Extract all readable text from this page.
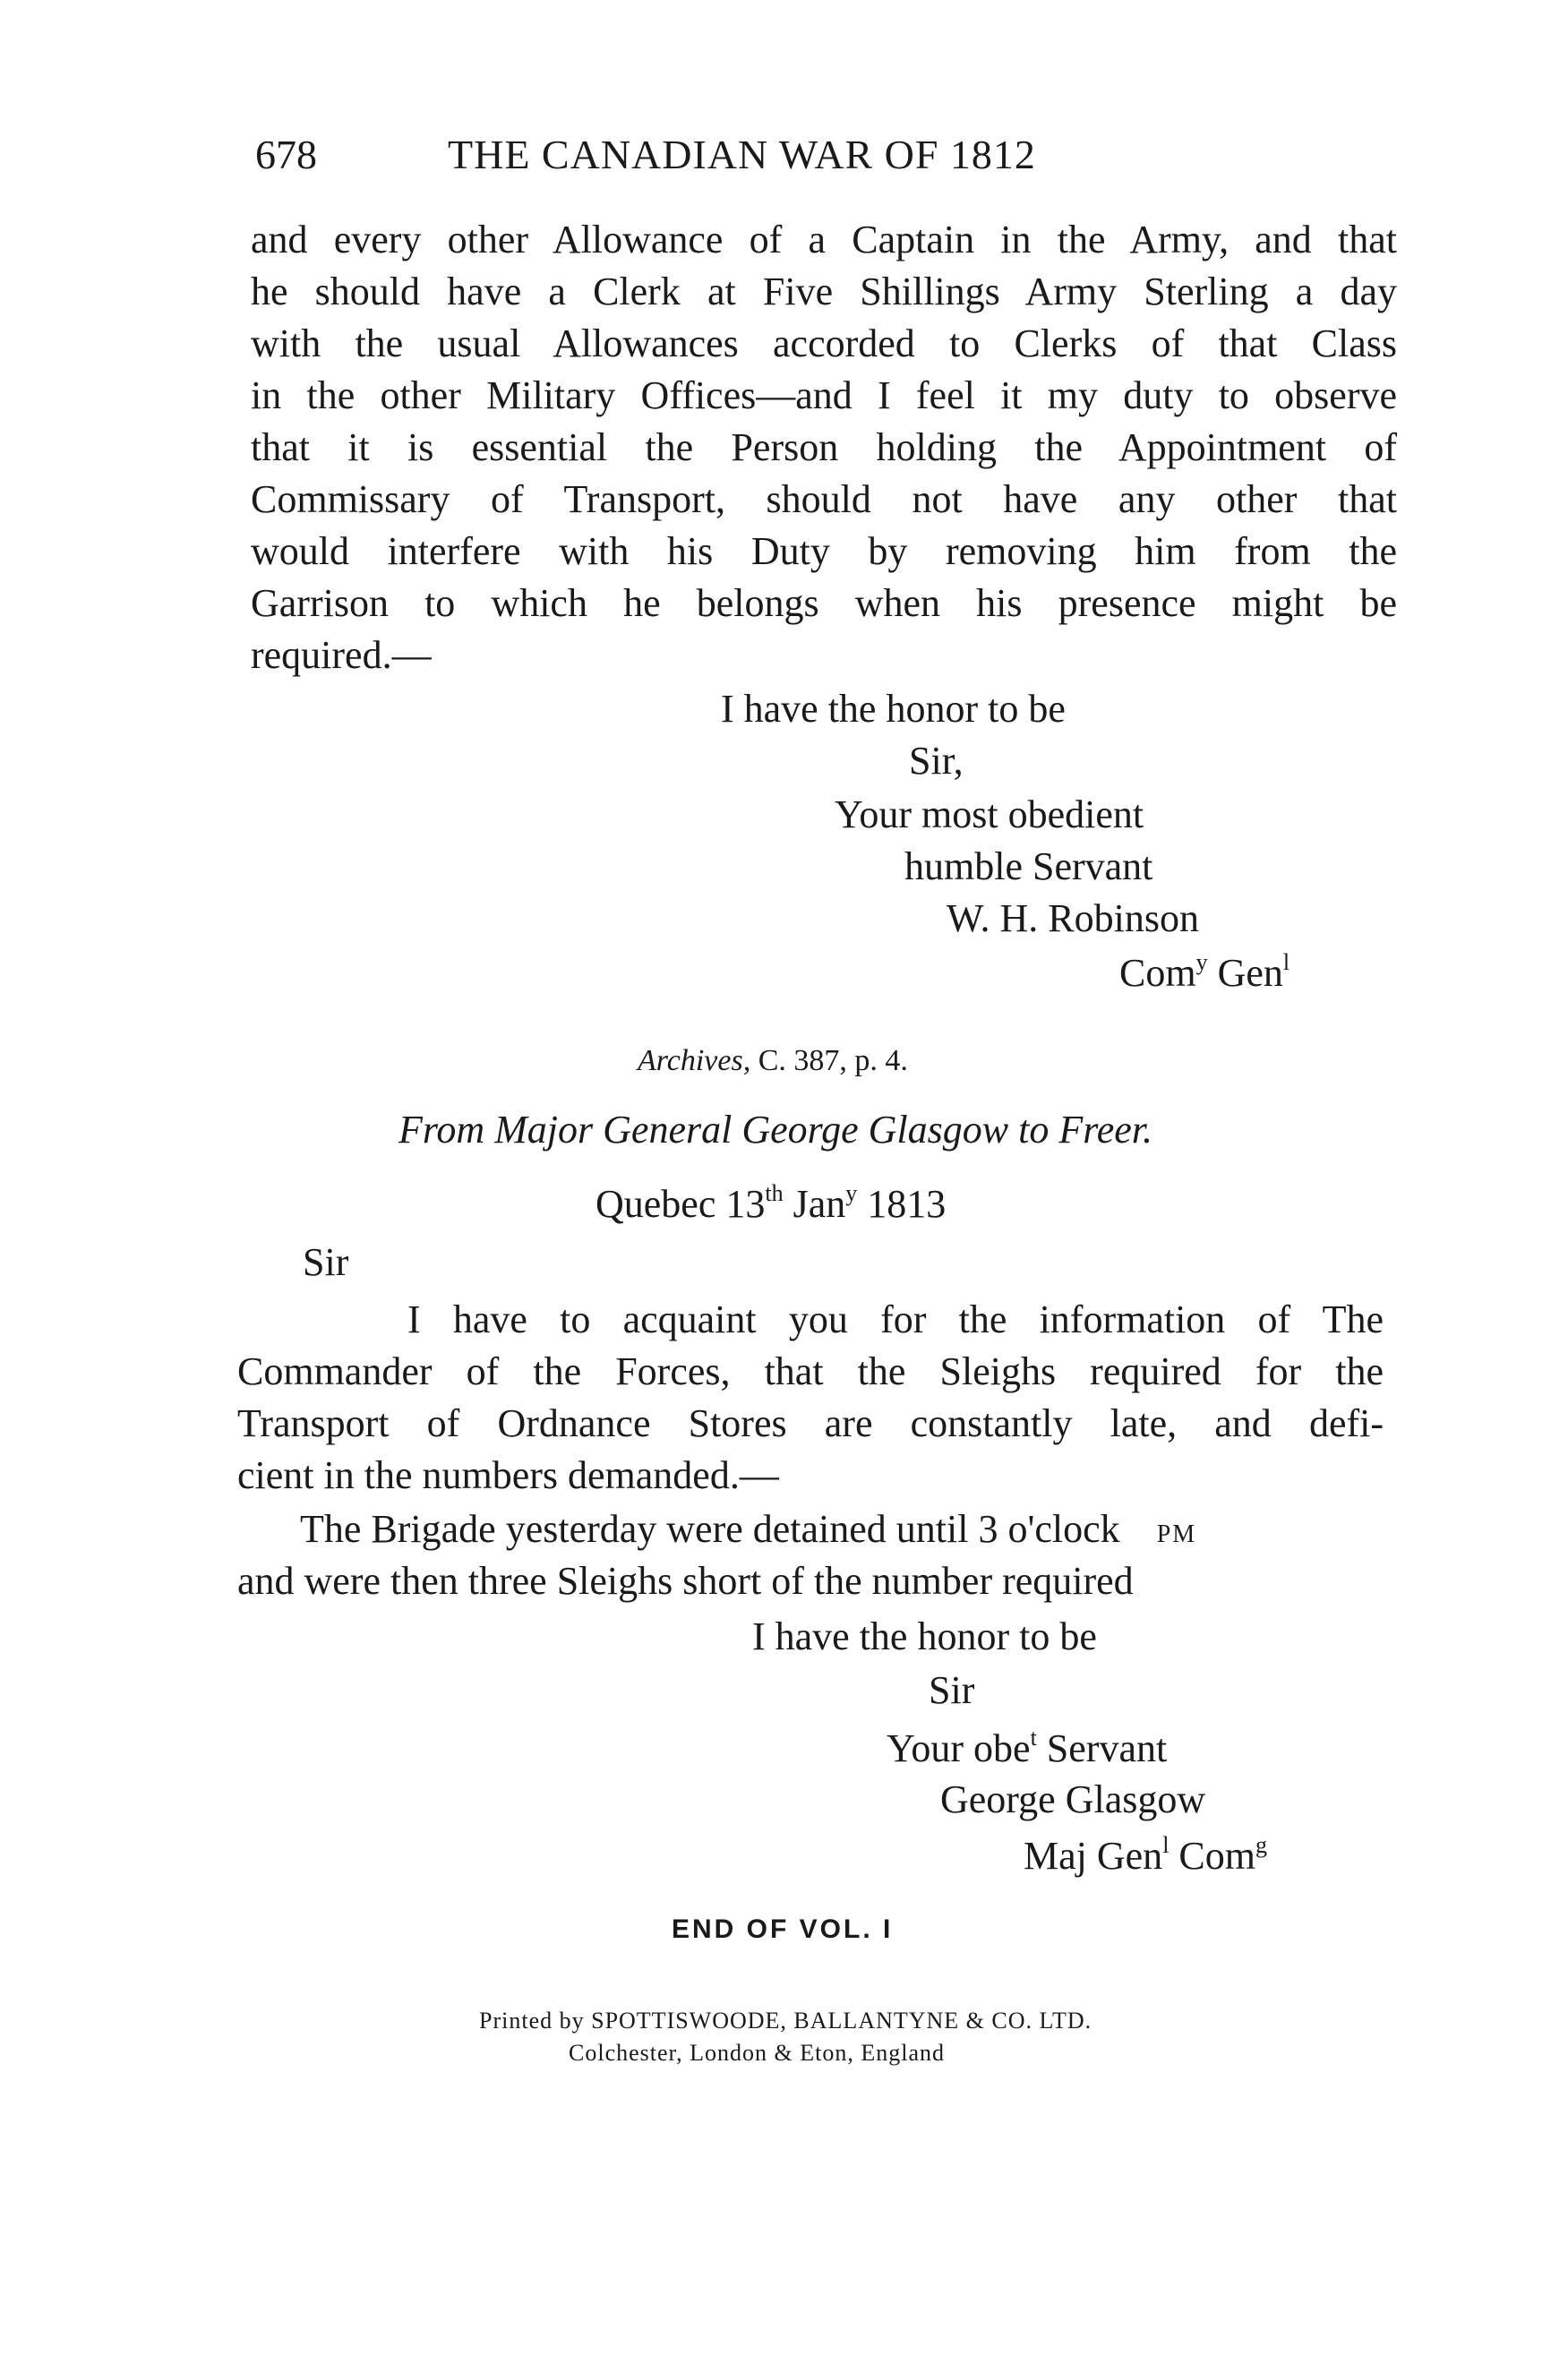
678	THE CANADIAN WAR OF 1812
and every other Allowance of a Captain in the Army, and that
he should have a Clerk at Five Shillings Army Sterling a day
with the usual Allowances accorded to Clerks of that Class
in the other Military Offices—and I feel it my duty to observe
that it is essential the Person holding the Appointment of
Commissary of Transport, should not have any other that
would interfere with his Duty by removing him from the
Garrison to which he belongs when his presence might be
required.—
I have the honor to be
Sir,
Your most obedient
humble Servant
W. H. Robinson
Com$^y$ Gen$^l$
Archives, C. 387, p. 4.
From Major General George Glasgow to Freer.
Quebec 13th Jan$^y$ 1813
Sir
I have to acquaint you for the information of The
Commander of the Forces, that the Sleighs required for the
Transport of Ordnance Stores are constantly late, and defi-
cient in the numbers demanded.—
The Brigade yesterday were detained until 3 o'clock PM
and were then three Sleighs short of the number required
I have the honor to be
Sir
Your obe$^t$ Servant
George Glasgow
Maj Gen$^l$ Com$^g$
END OF VOL. I
Printed by SPOTTISWOODE, BALLANTYNE & CO. LTD.
Colchester, London & Eton, England
